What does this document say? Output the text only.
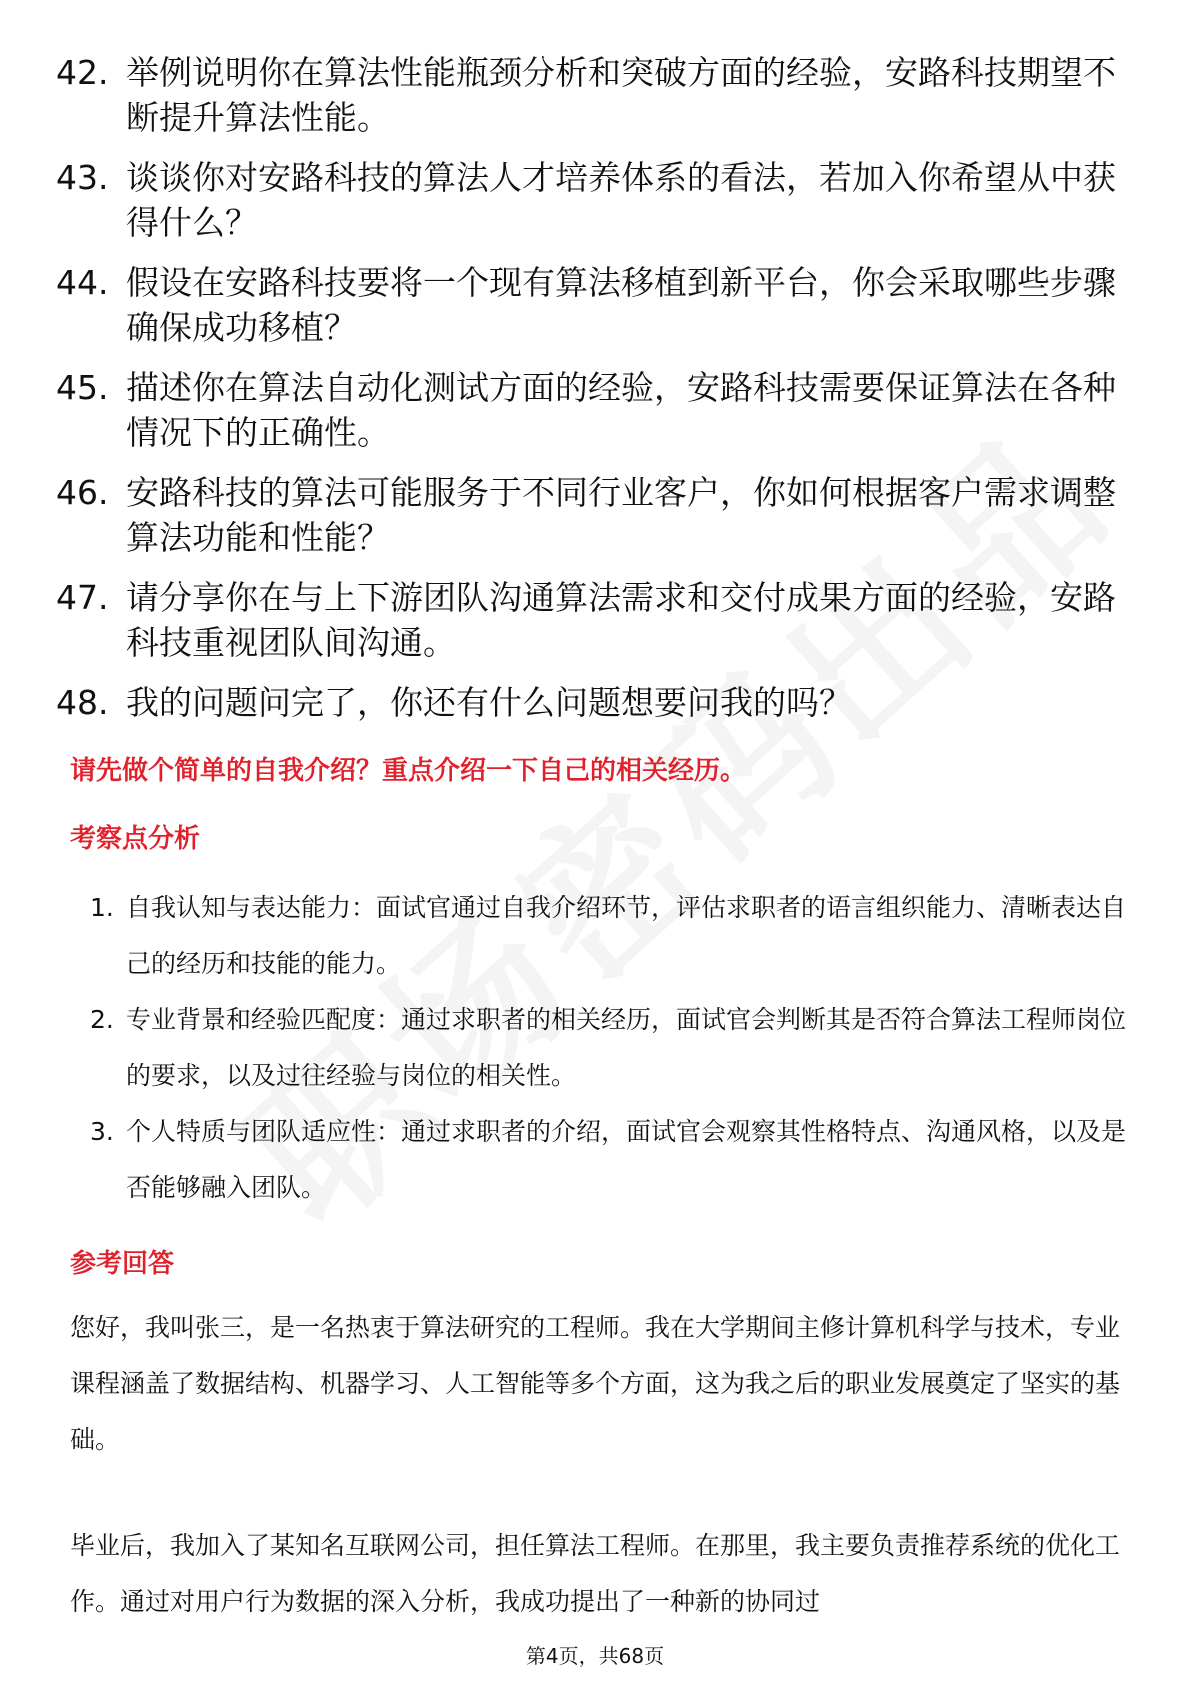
42. 举例说明你在算法性能瓶颈分析和突破方面的经验，安路科技期望不断提升算法性能。
43. 谈谈你对安路科技的算法人才培养体系的看法，若加入你希望从中获得什么？
44. 假设在安路科技要将一个现有算法移植到新平台，你会采取哪些步骤确保成功移植？
45. 描述你在算法自动化测试方面的经验，安路科技需要保证算法在各种情况下的正确性。
46. 安路科技的算法可能服务于不同行业客户，你如何根据客户需求调整算法功能和性能？
47. 请分享你在与上下游团队沟通算法需求和交付成果方面的经验，安路科技重视团队间沟通。
48. 我的问题问完了，你还有什么问题想要问我的吗？
请先做个简单的自我介绍？重点介绍一下自己的相关经历。
考察点分析
1. 自我认知与表达能力：面试官通过自我介绍环节，评估求职者的语言组织能力、清晰表达自己的经历和技能的能力。
2. 专业背景和经验匹配度：通过求职者的相关经历，面试官会判断其是否符合算法工程师岗位的要求，以及过往经验与岗位的相关性。
3. 个人特质与团队适应性：通过求职者的介绍，面试官会观察其性格特点、沟通风格，以及是否能够融入团队。
参考回答
您好，我叫张三，是一名热衷于算法研究的工程师。我在大学期间主修计算机科学与技术，专业课程涵盖了数据结构、机器学习、人工智能等多个方面，这为我之后的职业发展奠定了坚实的基础。
毕业后，我加入了某知名互联网公司，担任算法工程师。在那里，我主要负责推荐系统的优化工作。通过对用户行为数据的深入分析，我成功提出了一种新的协同过
第4页，共68页
